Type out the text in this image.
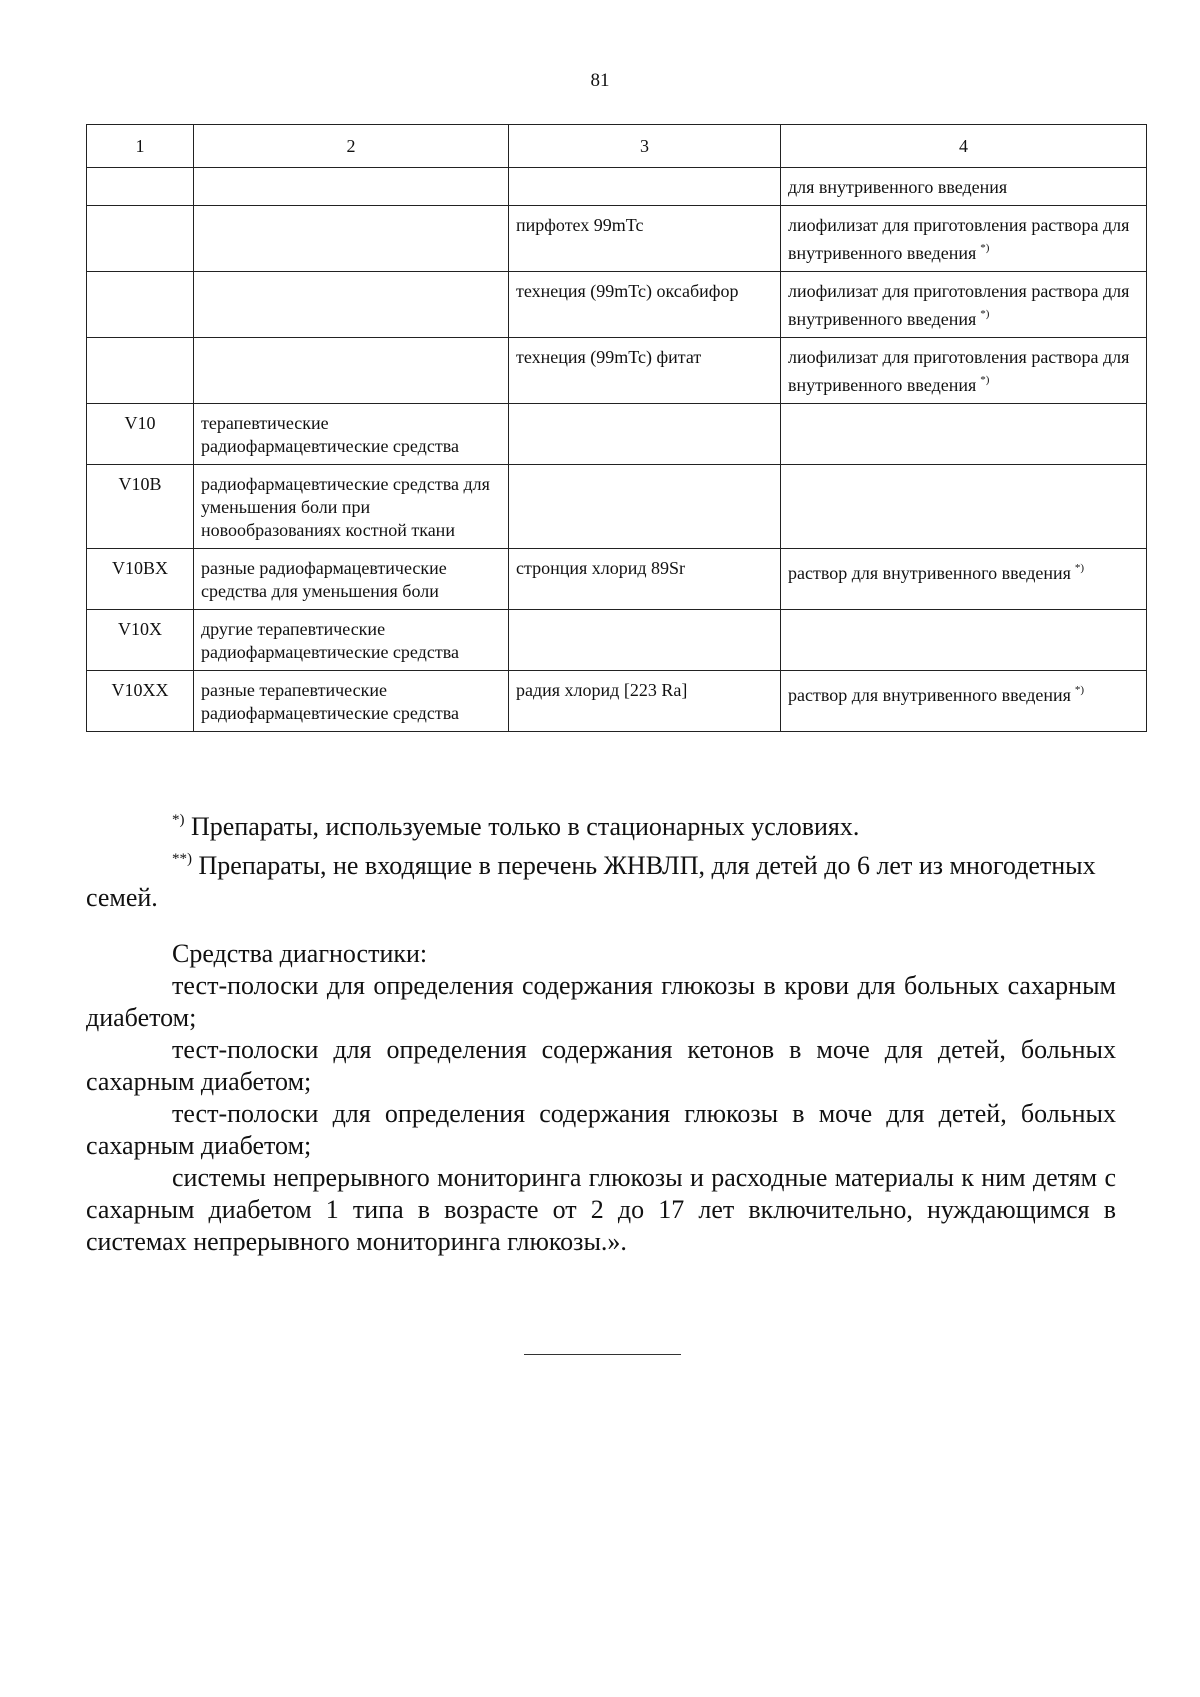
81
1	2	3	4
			для внутривенного введения
		пирфотех 99mTc	лиофилизат для приготовления раствора для внутривенного введения *)
		технеция (99mTc) оксабифор	лиофилизат для приготовления раствора для внутривенного введения *)
		технеция (99mTc) фитат	лиофилизат для приготовления раствора для внутривенного введения *)
V10	терапевтические радиофармацевтические средства		
V10B	радиофармацевтические средства для уменьшения боли при новообразованиях костной ткани		
V10BX	разные радиофармацевтические средства для уменьшения боли	стронция хлорид 89Sr	раствор для внутривенного введения *)
V10X	другие терапевтические радиофармацевтические средства		
V10XX	разные терапевтические радиофармацевтические средства	радия хлорид [223 Ra]	раствор для внутривенного введения *)

*) Препараты, используемые только в стационарных условиях.

**) Препараты, не входящие в перечень ЖНВЛП, для детей до 6 лет из многодетных семей.

Средства диагностики:

тест-полоски для определения содержания глюкозы в крови для больных сахарным диабетом;

тест-полоски для определения содержания кетонов в моче для детей, больных сахарным диабетом;

тест-полоски для определения содержания глюкозы в моче для детей, больных сахарным диабетом;

системы непрерывного мониторинга глюкозы и расходные материалы к ним детям с сахарным диабетом 1 типа в возрасте от 2 до 17 лет включительно, нуждающимся в системах непрерывного мониторинга глюкозы.».
